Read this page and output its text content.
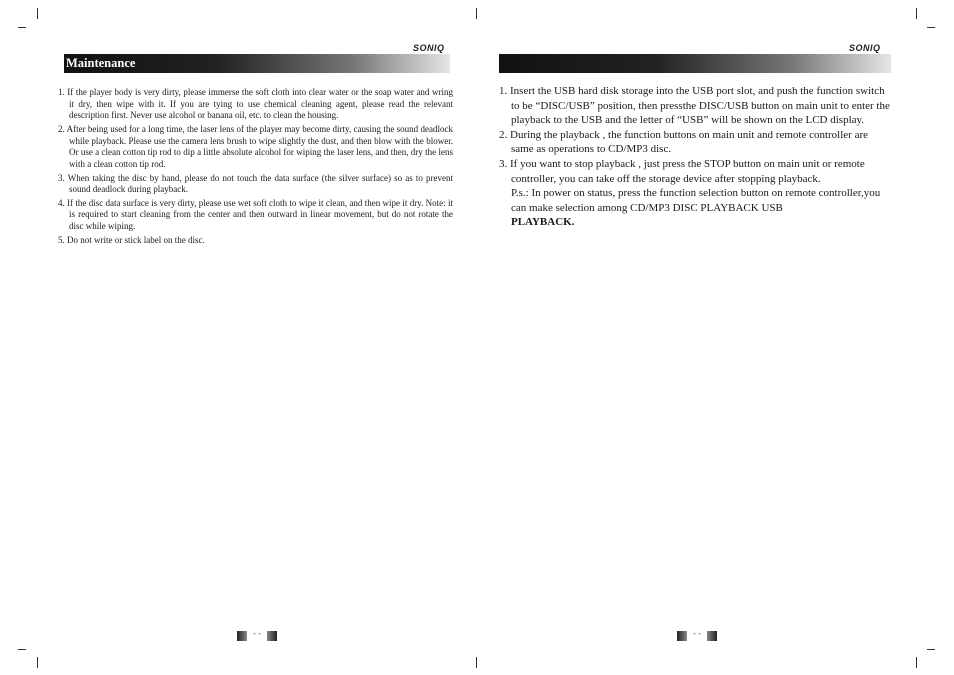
SONIQ
Maintenance
1. If the player body is very dirty, please immerse the soft cloth into clear water or the soap water and wring it dry, then wipe with it. If you are tying to use chemical cleaning agent, please read the relevant description first. Never use alcohol or banana oil, etc. to clean the housing.
2. After being used for a long time, the laser lens of the player may become dirty, causing the sound deadlock while playback. Please use the camera lens brush to wipe slightly the dust, and then blow with the blower. Or use a clean cotton tip rod to dip a little absolute alcohol for wiping the laser lens, and then, dry the lens with a clean cotton tip rod.
3. When taking the disc by hand, please do not touch the data surface (the silver surface) so as to prevent sound deadlock during playback.
4. If the disc data surface is very dirty, please use wet soft cloth to wipe it clean, and then wipe it dry. Note: it is required to start cleaning from the center and then outward in linear movement, but do not rotate the disc while wiping.
5. Do not write or stick label on the disc.
- -
SONIQ
1. Insert the USB hard disk storage into the USB port slot, and push the function switch to be “DISC/USB” position, then pressthe DISC/USB button on main unit to enter the playback to the USB and the letter of “USB” will be shown on the LCD display.
2. During the playback , the function buttons on main unit and remote controller are same as operations to CD/MP3 disc.
3. If you want to stop playback , just press the STOP button on main unit or remote controller, you can take off the storage device after stopping playback.

P.s.: In power on status, press the function selection button on remote controller,you can make selection among CD/MP3 DISC PLAYBACK USB

PLAYBACK.

- -
